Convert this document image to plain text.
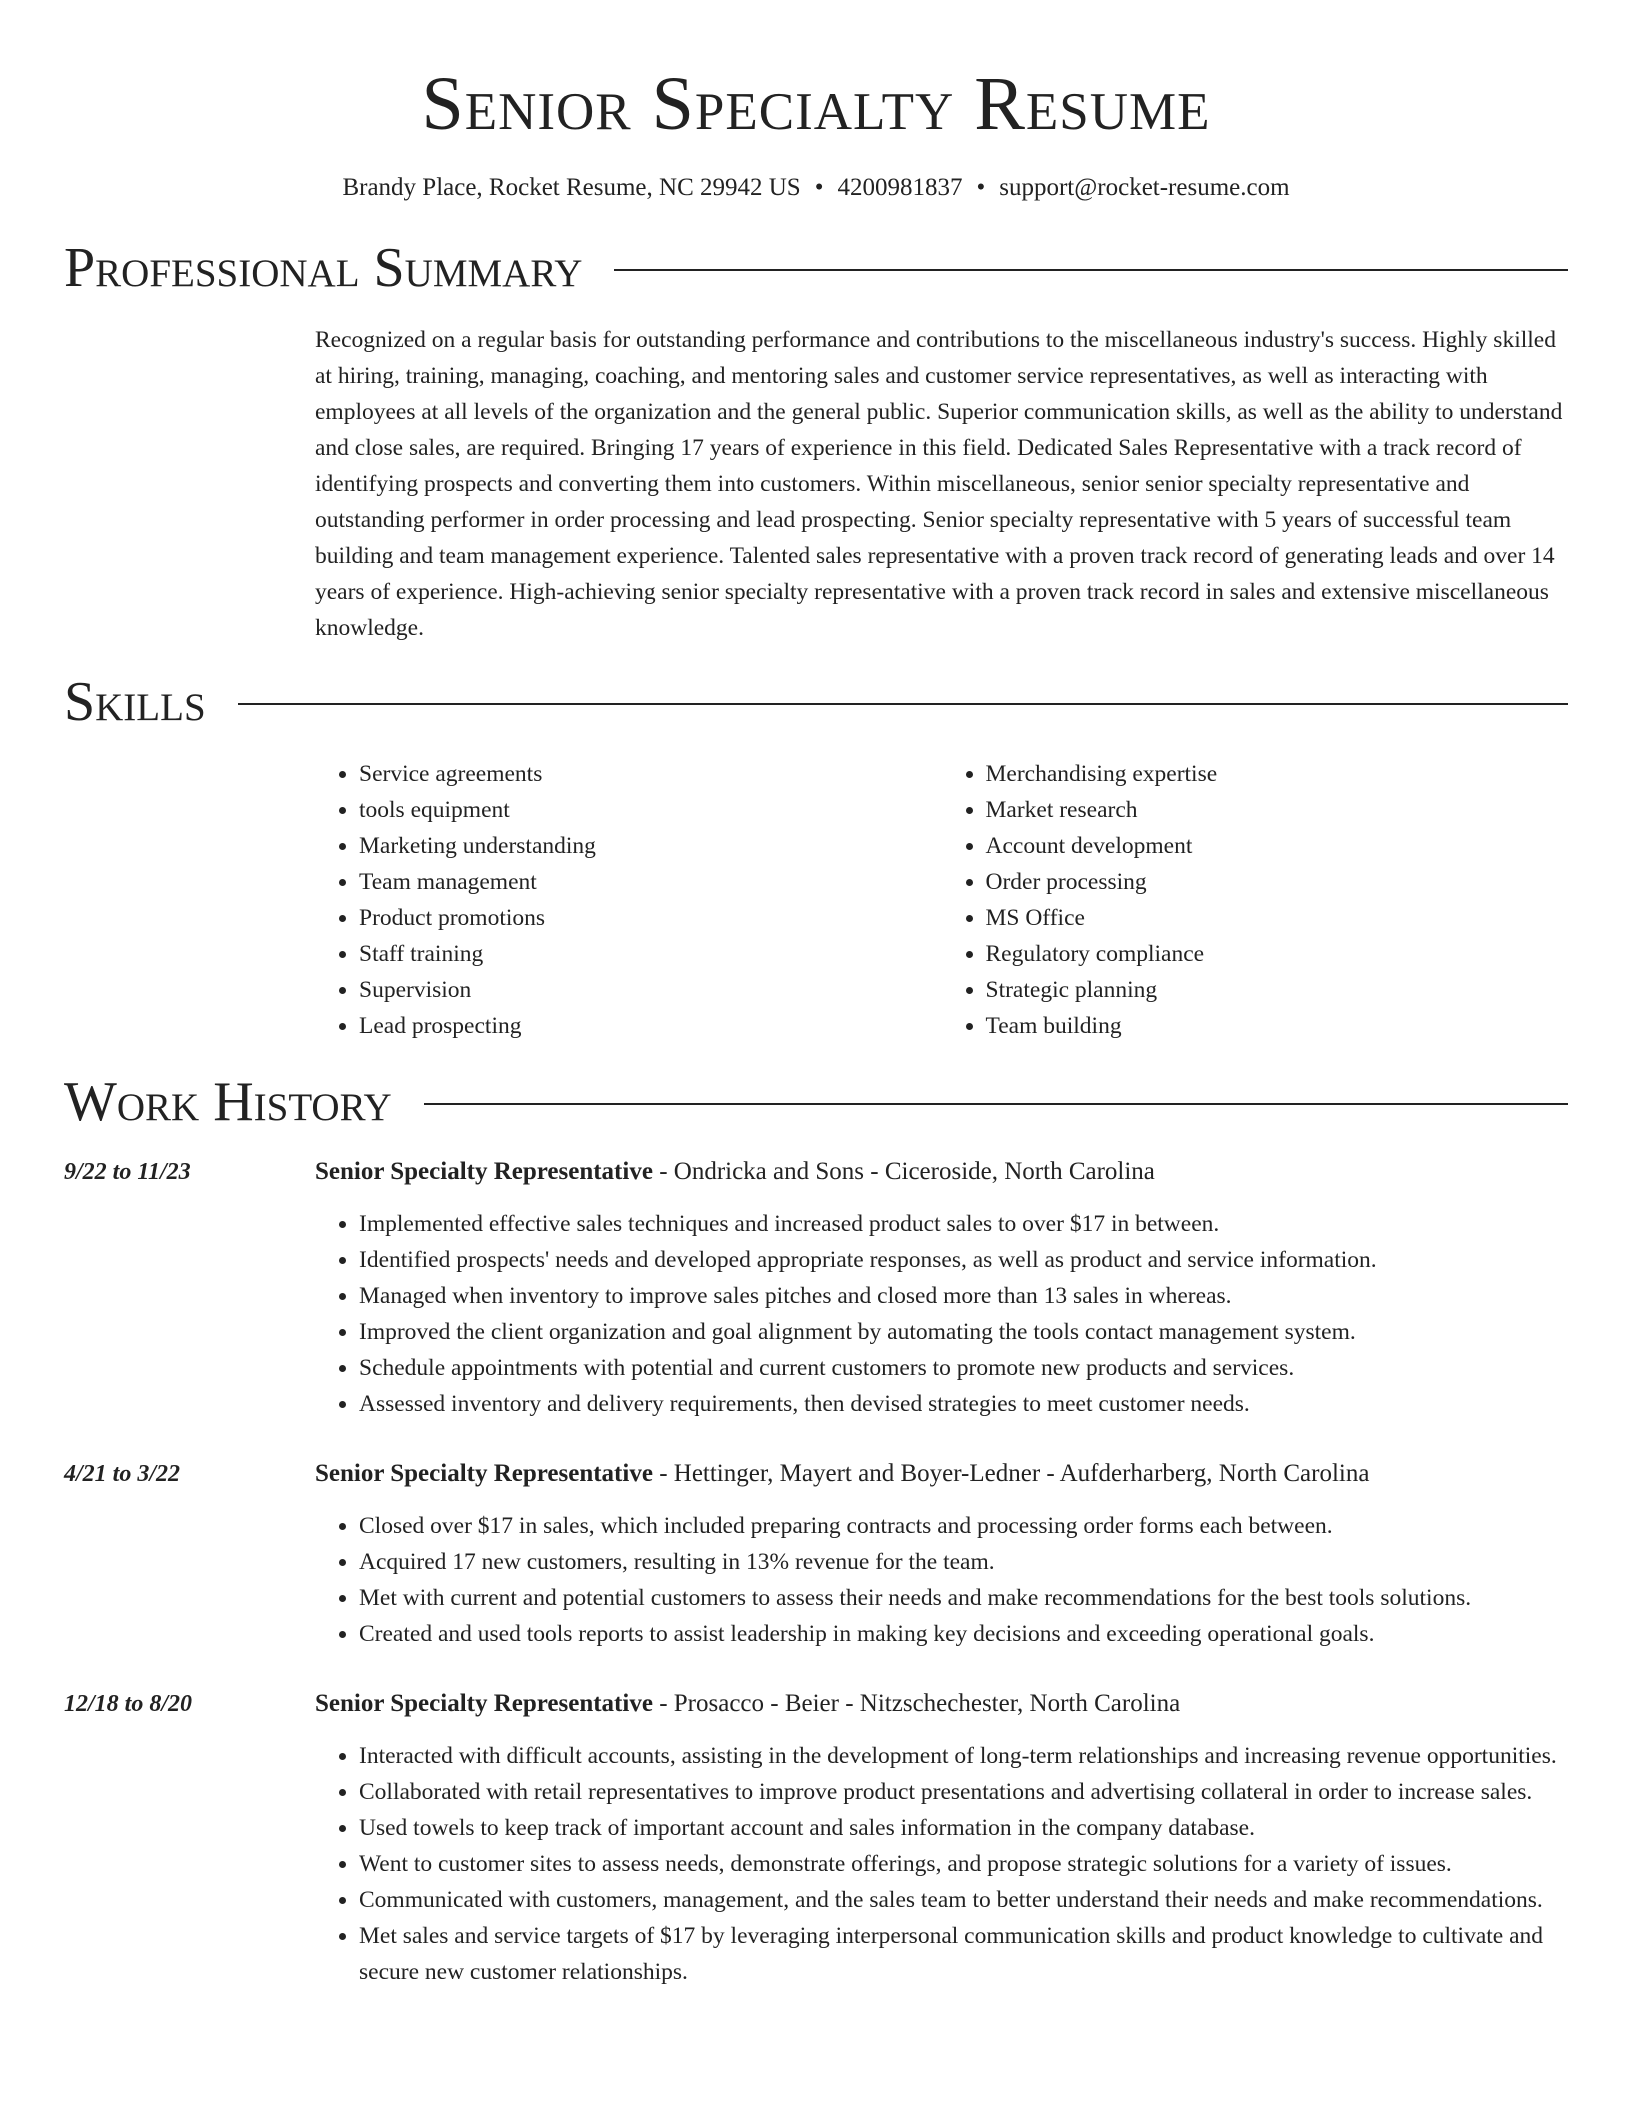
Senior Specialty Resume
Brandy Place, Rocket Resume, NC 29942 US • 4200981837 • support@rocket-resume.com
Professional Summary
Recognized on a regular basis for outstanding performance and contributions to the miscellaneous industry's success. Highly skilled at hiring, training, managing, coaching, and mentoring sales and customer service representatives, as well as interacting with employees at all levels of the organization and the general public. Superior communication skills, as well as the ability to understand and close sales, are required. Bringing 17 years of experience in this field. Dedicated Sales Representative with a track record of identifying prospects and converting them into customers. Within miscellaneous, senior senior specialty representative and outstanding performer in order processing and lead prospecting. Senior specialty representative with 5 years of successful team building and team management experience. Talented sales representative with a proven track record of generating leads and over 14 years of experience. High-achieving senior specialty representative with a proven track record in sales and extensive miscellaneous knowledge.
Skills
• Service agreements
• tools equipment
• Marketing understanding
• Team management
• Product promotions
• Staff training
• Supervision
• Lead prospecting
• Merchandising expertise
• Market research
• Account development
• Order processing
• MS Office
• Regulatory compliance
• Strategic planning
• Team building
Work History
9/22 to 11/23	Senior Specialty Representative - Ondricka and Sons - Ciceroside, North Carolina
• Implemented effective sales techniques and increased product sales to over $17 in between.
• Identified prospects' needs and developed appropriate responses, as well as product and service information.
• Managed when inventory to improve sales pitches and closed more than 13 sales in whereas.
• Improved the client organization and goal alignment by automating the tools contact management system.
• Schedule appointments with potential and current customers to promote new products and services.
• Assessed inventory and delivery requirements, then devised strategies to meet customer needs.
4/21 to 3/22	Senior Specialty Representative - Hettinger, Mayert and Boyer-Ledner - Aufderharberg, North Carolina
• Closed over $17 in sales, which included preparing contracts and processing order forms each between.
• Acquired 17 new customers, resulting in 13% revenue for the team.
• Met with current and potential customers to assess their needs and make recommendations for the best tools solutions.
• Created and used tools reports to assist leadership in making key decisions and exceeding operational goals.
12/18 to 8/20	Senior Specialty Representative - Prosacco - Beier - Nitzschechester, North Carolina
• Interacted with difficult accounts, assisting in the development of long-term relationships and increasing revenue opportunities.
• Collaborated with retail representatives to improve product presentations and advertising collateral in order to increase sales.
• Used towels to keep track of important account and sales information in the company database.
• Went to customer sites to assess needs, demonstrate offerings, and propose strategic solutions for a variety of issues.
• Communicated with customers, management, and the sales team to better understand their needs and make recommendations.
• Met sales and service targets of $17 by leveraging interpersonal communication skills and product knowledge to cultivate and secure new customer relationships.
